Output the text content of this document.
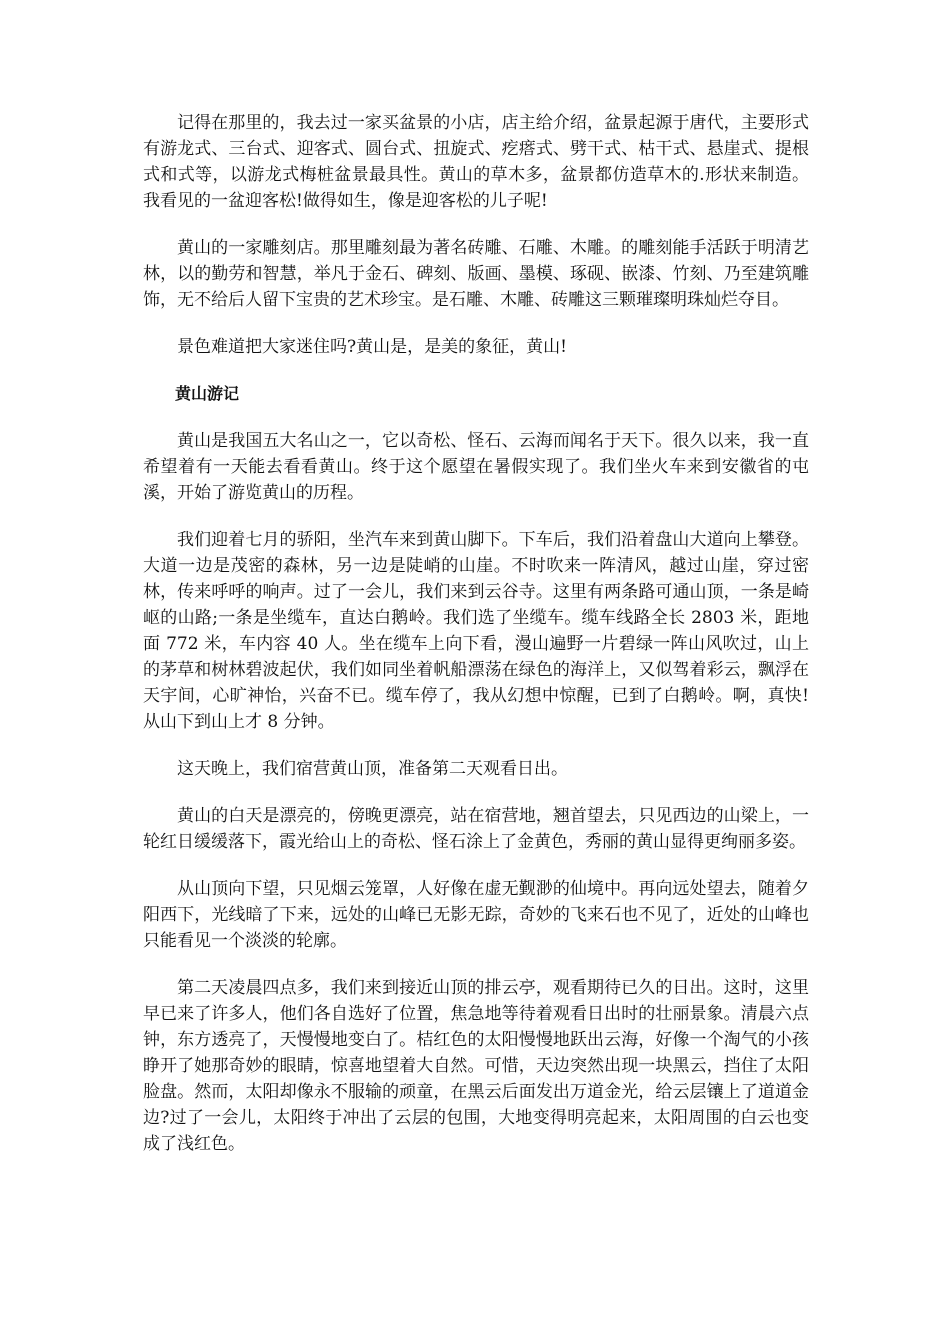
记得在那里的，我去过一家买盆景的小店，店主给介绍，盆景起源于唐代，主要形式有游龙式、三台式、迎客式、圆台式、扭旋式、疙瘩式、劈干式、枯干式、悬崖式、提根式和式等，以游龙式梅桩盆景最具性。黄山的草木多，盆景都仿造草木的.形状来制造。我看见的一盆迎客松!做得如生，像是迎客松的儿子呢!

黄山的一家雕刻店。那里雕刻最为著名砖雕、石雕、木雕。的雕刻能手活跃于明清艺林，以的勤劳和智慧，举凡于金石、碑刻、版画、墨模、琢砚、嵌漆、竹刻、乃至建筑雕饰，无不给后人留下宝贵的艺术珍宝。是石雕、木雕、砖雕这三颗璀璨明珠灿烂夺目。

景色难道把大家迷住吗?黄山是，是美的象征，黄山!

黄山游记

黄山是我国五大名山之一，它以奇松、怪石、云海而闻名于天下。很久以来，我一直希望着有一天能去看看黄山。终于这个愿望在暑假实现了。我们坐火车来到安徽省的屯溪，开始了游览黄山的历程。

我们迎着七月的骄阳，坐汽车来到黄山脚下。下车后，我们沿着盘山大道向上攀登。大道一边是茂密的森林，另一边是陡峭的山崖。不时吹来一阵清风，越过山崖，穿过密林，传来呼呼的响声。过了一会儿，我们来到云谷寺。这里有两条路可通山顶，一条是崎岖的山路;一条是坐缆车，直达白鹅岭。我们选了坐缆车。缆车线路全长 2803 米，距地面 772 米，车内容 40 人。坐在缆车上向下看，漫山遍野一片碧绿一阵山风吹过，山上的茅草和树林碧波起伏，我们如同坐着帆船漂荡在绿色的海洋上，又似驾着彩云，飘浮在天宇间，心旷神怡，兴奋不已。缆车停了，我从幻想中惊醒，已到了白鹅岭。啊，真快!从山下到山上才 8 分钟。

这天晚上，我们宿营黄山顶，准备第二天观看日出。

黄山的白天是漂亮的，傍晚更漂亮，站在宿营地，翘首望去，只见西边的山梁上，一轮红日缓缓落下，霞光给山上的奇松、怪石涂上了金黄色，秀丽的黄山显得更绚丽多姿。

从山顶向下望，只见烟云笼罩，人好像在虚无觐渺的仙境中。再向远处望去，随着夕阳西下，光线暗了下来，远处的山峰已无影无踪，奇妙的飞来石也不见了，近处的山峰也只能看见一个淡淡的轮廓。

第二天凌晨四点多，我们来到接近山顶的排云亭，观看期待已久的日出。这时，这里早已来了许多人，他们各自选好了位置，焦急地等待着观看日出时的壮丽景象。清晨六点钟，东方透亮了，天慢慢地变白了。桔红色的太阳慢慢地跃出云海，好像一个淘气的小孩睁开了她那奇妙的眼睛，惊喜地望着大自然。可惜，天边突然出现一块黑云，挡住了太阳脸盘。然而，太阳却像永不服输的顽童，在黑云后面发出万道金光，给云层镶上了道道金边?过了一会儿，太阳终于冲出了云层的包围，大地变得明亮起来，太阳周围的白云也变成了浅红色。
